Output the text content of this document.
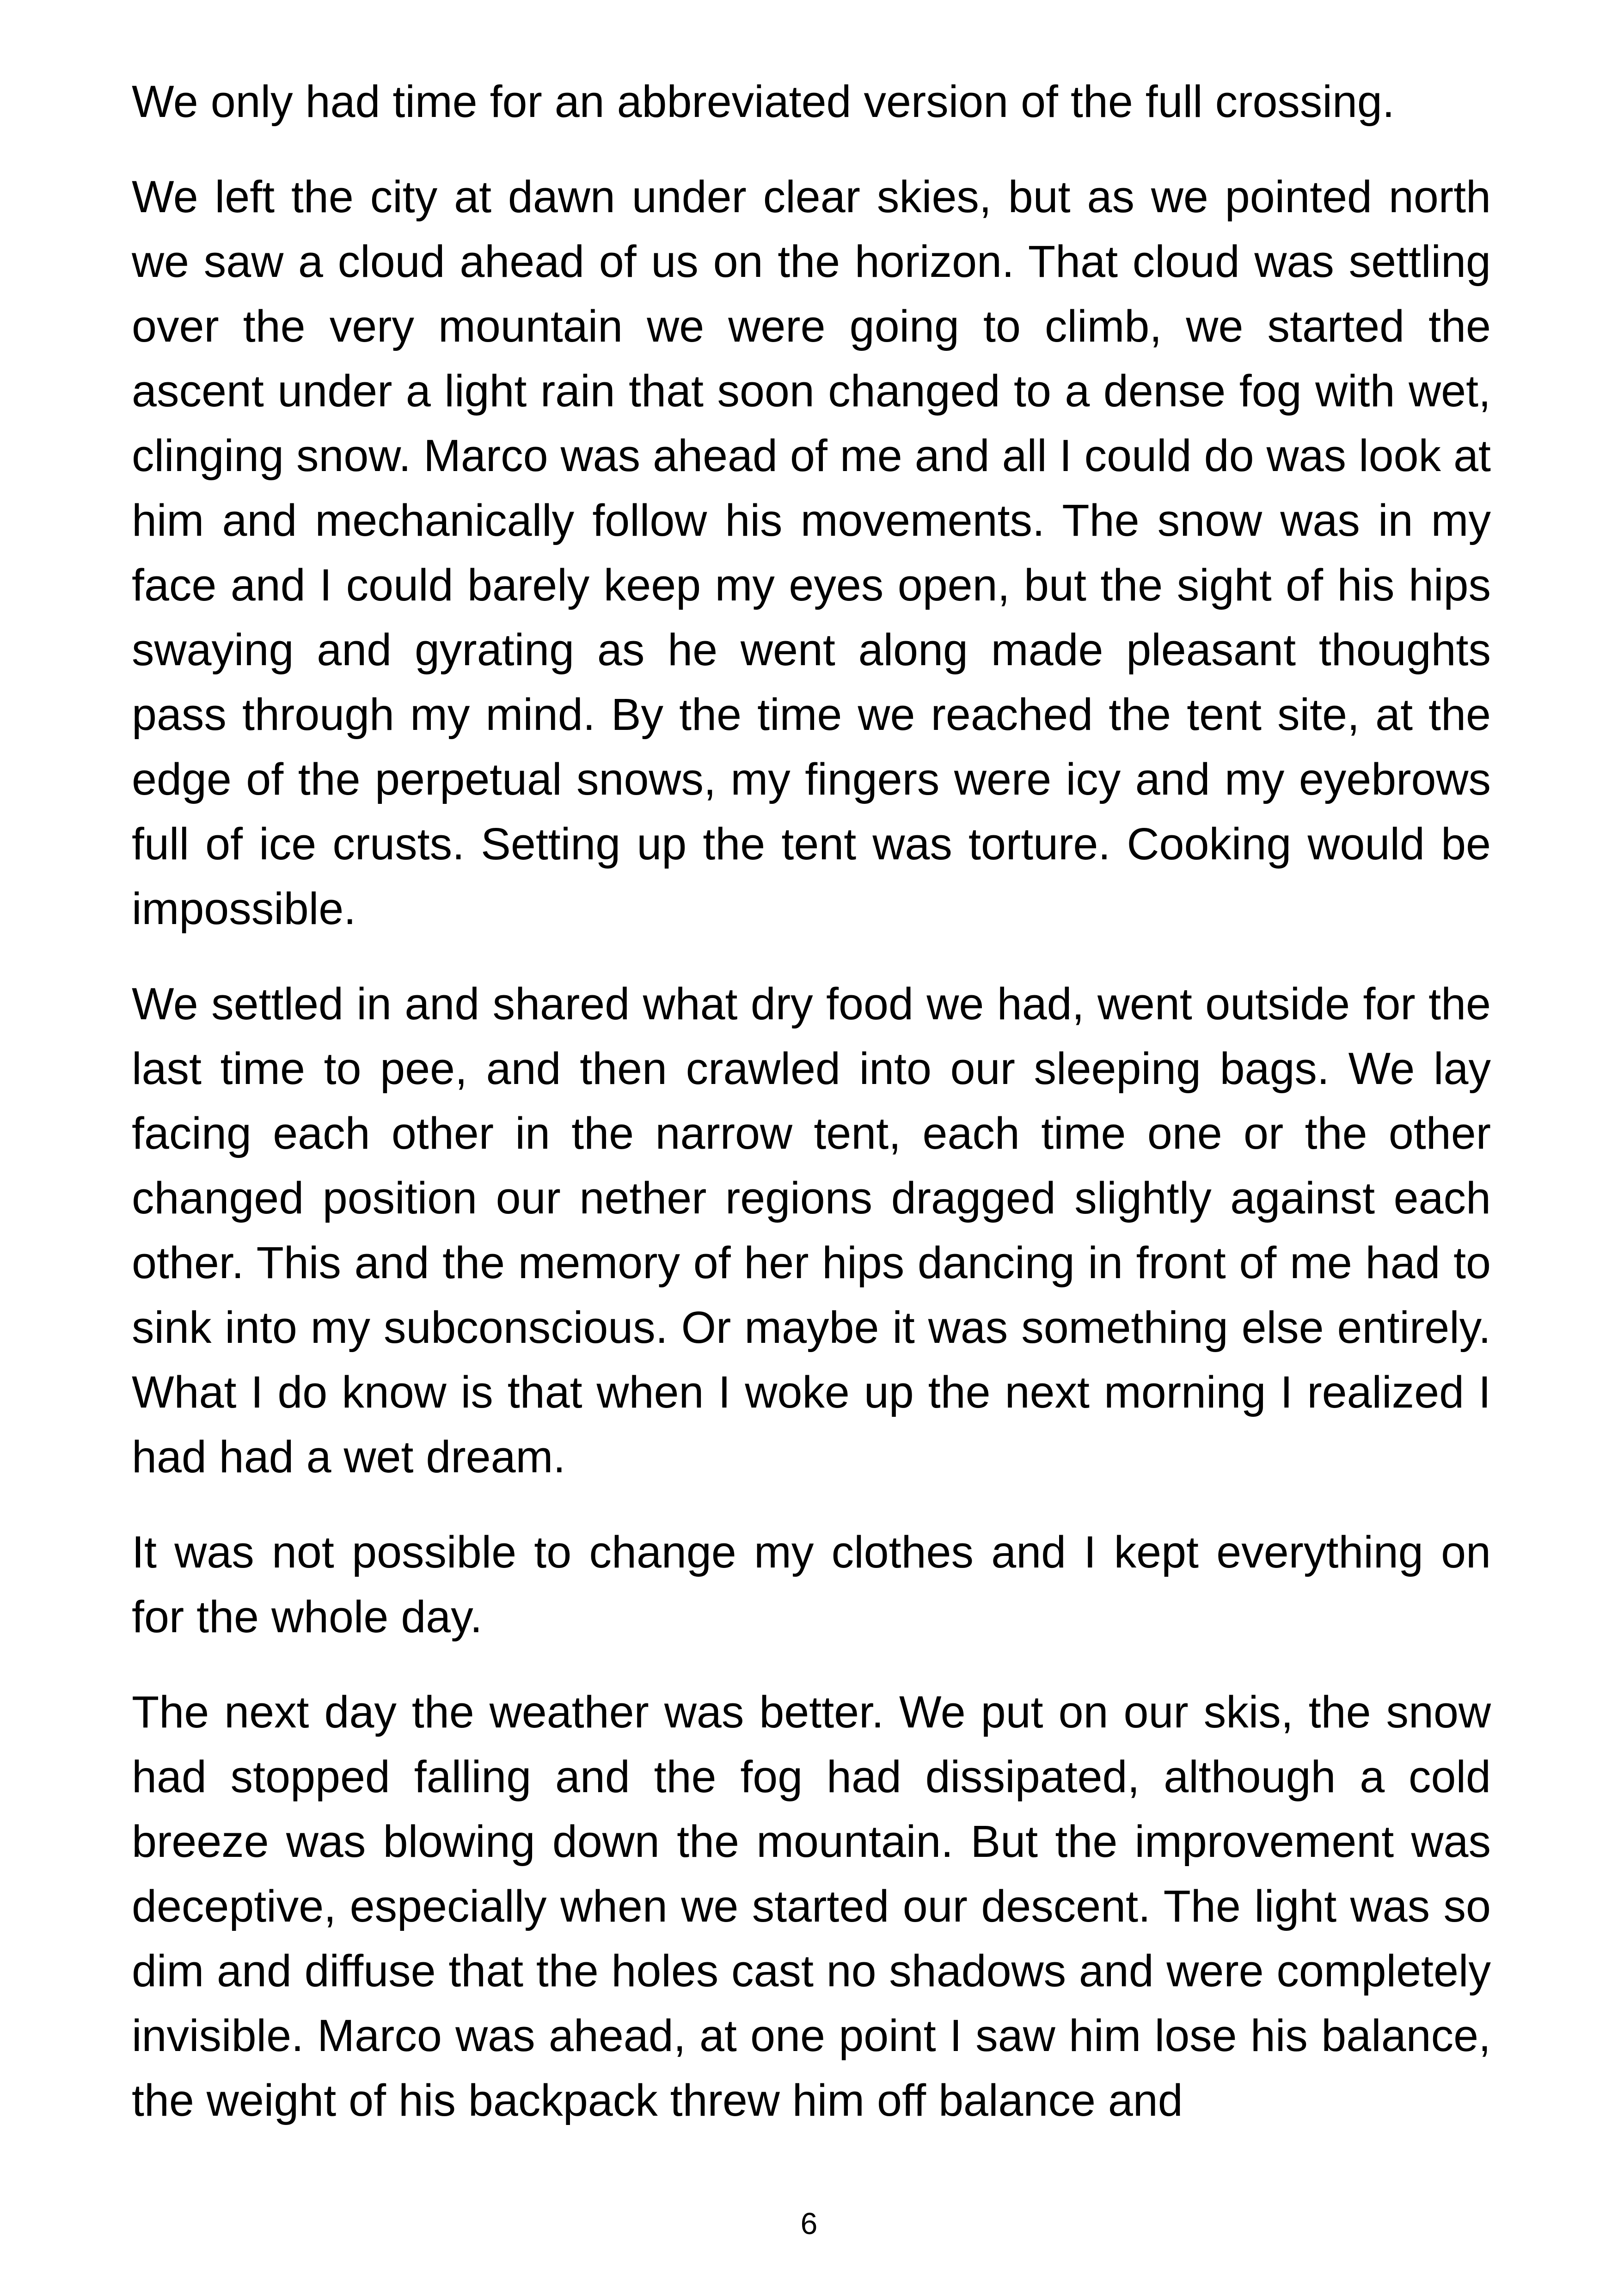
We only had time for an abbreviated version of the full crossing.

We left the city at dawn under clear skies, but as we pointed north we saw a cloud ahead of us on the horizon. That cloud was settling over the very mountain we were going to climb, we started the ascent under a light rain that soon changed to a dense fog with wet, clinging snow. Marco was ahead of me and all I could do was look at him and mechanically follow his movements. The snow was in my face and I could barely keep my eyes open, but the sight of his hips swaying and gyrating as he went along made pleasant thoughts pass through my mind. By the time we reached the tent site, at the edge of the perpetual snows, my fingers were icy and my eyebrows full of ice crusts. Setting up the tent was torture. Cooking would be impossible.

We settled in and shared what dry food we had, went outside for the last time to pee, and then crawled into our sleeping bags. We lay facing each other in the narrow tent, each time one or the other changed position our nether regions dragged slightly against each other. This and the memory of her hips dancing in front of me had to sink into my subconscious. Or maybe it was something else entirely. What I do know is that when I woke up the next morning I realized I had had a wet dream.

It was not possible to change my clothes and I kept everything on for the whole day.

The next day the weather was better. We put on our skis, the snow had stopped falling and the fog had dissipated, although a cold breeze was blowing down the mountain. But the improvement was deceptive, especially when we started our descent. The light was so dim and diffuse that the holes cast no shadows and were completely invisible. Marco was ahead, at one point I saw him lose his balance, the weight of his backpack threw him off balance and

6
